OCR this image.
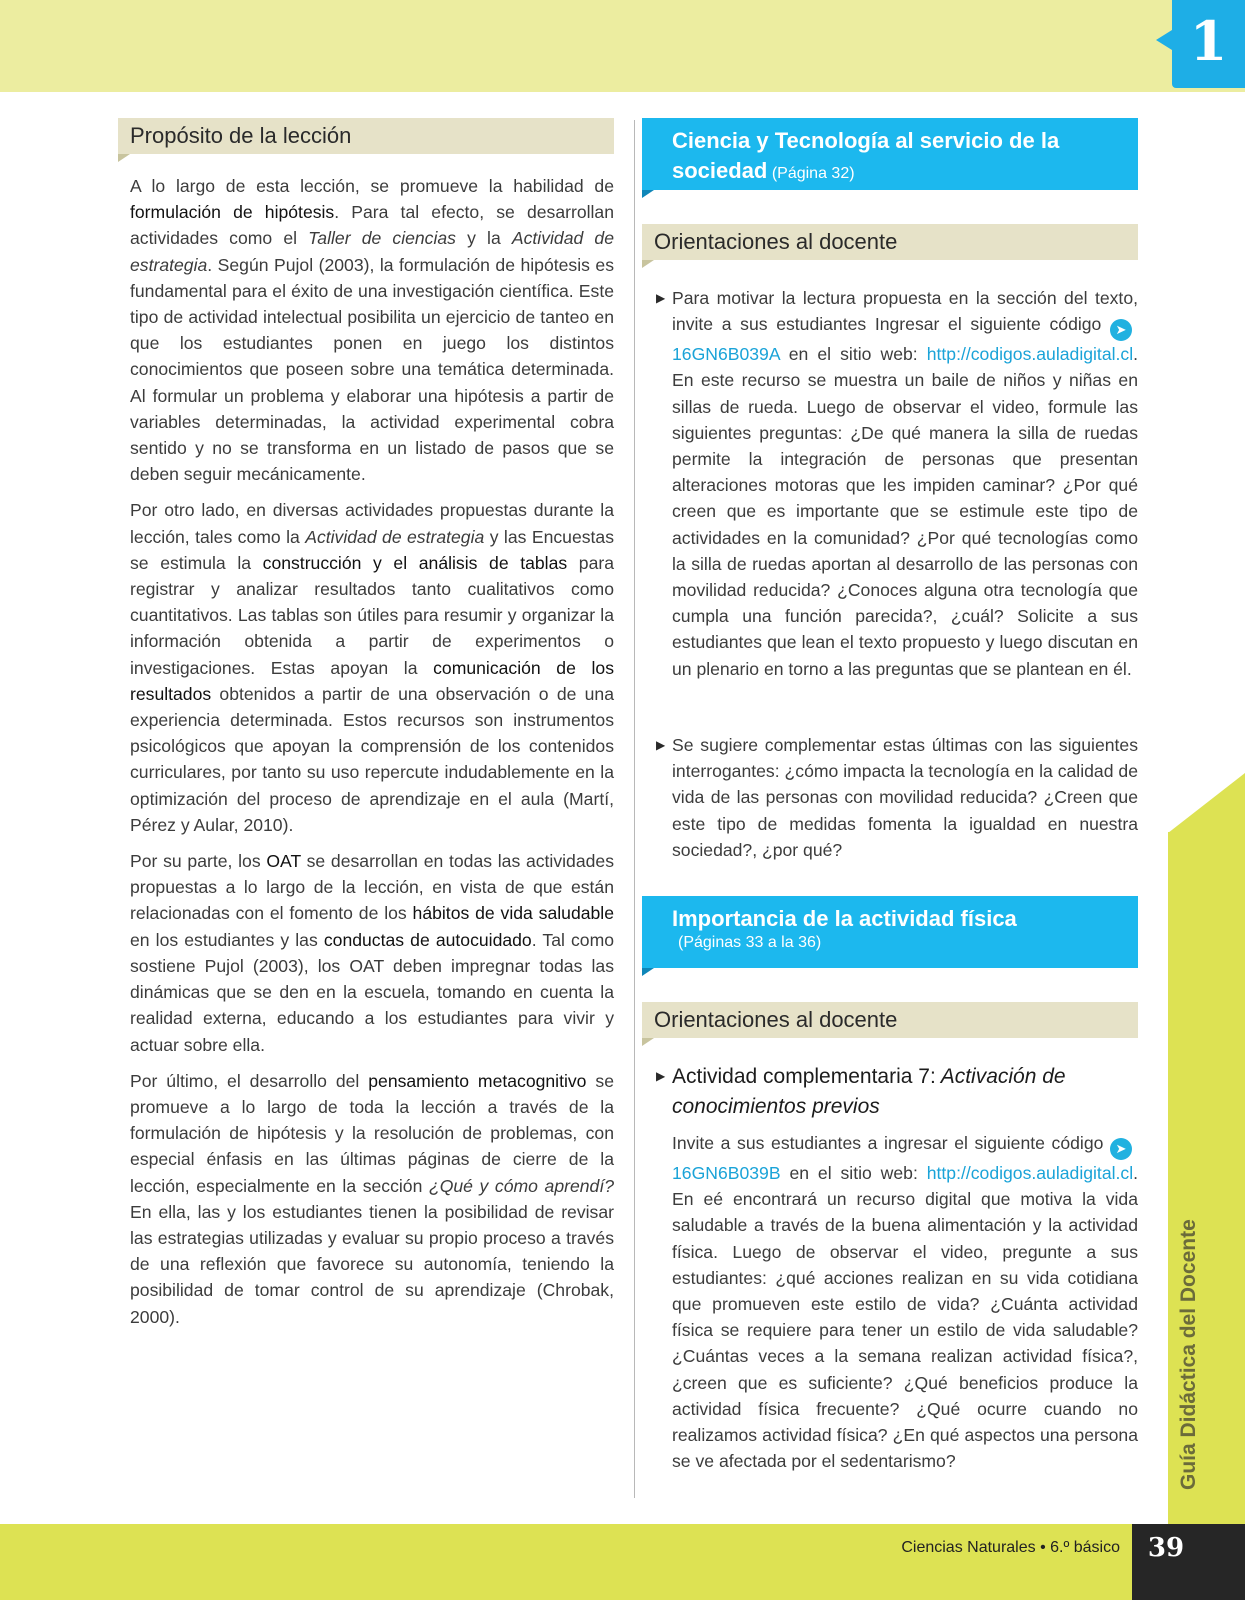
1
Guía Didáctica del Docente
Ciencias Naturales • 6.º básico	39
Propósito de la lección

A lo largo de esta lección, se promueve la habilidad de formulación de hipótesis. Para tal efecto, se desarrollan actividades como el Taller de ciencias y la Actividad de estrategia. Según Pujol (2003), la formulación de hipótesis es fundamental para el éxito de una investigación científica. Este tipo de actividad intelectual posibilita un ejercicio de tanteo en que los estudiantes ponen en juego los distintos conocimientos que poseen sobre una temática determinada. Al formular un problema y elaborar una hipótesis a partir de variables determinadas, la actividad experimental cobra sentido y no se transforma en un listado de pasos que se deben seguir mecánicamente.

Por otro lado, en diversas actividades propuestas durante la lección, tales como la Actividad de estrategia y las Encuestas se estimula la construcción y el análisis de tablas para registrar y analizar resultados tanto cualitativos como cuantitativos. Las tablas son útiles para resumir y organizar la información obtenida a partir de experimentos o investigaciones. Estas apoyan la comunicación de los resultados obtenidos a partir de una observación o de una experiencia determinada. Estos recursos son instrumentos psicológicos que apoyan la comprensión de los contenidos curriculares, por tanto su uso repercute indudablemente en la optimización del proceso de aprendizaje en el aula (Martí, Pérez y Aular, 2010).

Por su parte, los OAT se desarrollan en todas las actividades propuestas a lo largo de la lección, en vista de que están relacionadas con el fomento de los hábitos de vida saludable en los estudiantes y las conductas de autocuidado. Tal como sostiene Pujol (2003), los OAT deben impregnar todas las dinámicas que se den en la escuela, tomando en cuenta la realidad externa, educando a los estudiantes para vivir y actuar sobre ella.

Por último, el desarrollo del pensamiento metacognitivo se promueve a lo largo de toda la lección a través de la formulación de hipótesis y la resolución de problemas, con especial énfasis en las últimas páginas de cierre de la lección, especialmente en la sección ¿Qué y cómo aprendí? En ella, las y los estudiantes tienen la posibilidad de revisar las estrategias utilizadas y evaluar su propio proceso a través de una reflexión que favorece su autonomía, teniendo la posibilidad de tomar control de su aprendizaje (Chrobak, 2000).

Ciencia y Tecnología al servicio de la sociedad (Página 32)
Orientaciones al docente
▶ Para motivar la lectura propuesta en la sección del texto, invite a sus estudiantes Ingresar el siguiente código ➤16GN6B039A en el sitio web: http://codigos.auladigital.cl. En este recurso se muestra un baile de niños y niñas en sillas de rueda. Luego de observar el video, formule las siguientes preguntas: ¿De qué manera la silla de ruedas permite la integración de personas que presentan alteraciones motoras que les impiden caminar? ¿Por qué creen que es importante que se estimule este tipo de actividades en la comunidad? ¿Por qué tecnologías como la silla de ruedas aportan al desarrollo de las personas con movilidad reducida? ¿Conoces alguna otra tecnología que cumpla una función parecida?, ¿cuál? Solicite a sus estudiantes que lean el texto propuesto y luego discutan en un plenario en torno a las preguntas que se plantean en él.
▶ Se sugiere complementar estas últimas con las siguientes interrogantes: ¿cómo impacta la tecnología en la calidad de vida de las personas con movilidad reducida? ¿Creen que este tipo de medidas fomenta la igualdad en nuestra sociedad?, ¿por qué?
Importancia de la actividad física
(Páginas 33 a la 36)
Orientaciones al docente
▶ Actividad complementaria 7: Activación de conocimientos previos
Invite a sus estudiantes a ingresar el siguiente código ➤16GN6B039B en el sitio web: http://codigos.auladigital.cl. En eé encontrará un recurso digital que motiva la vida saludable a través de la buena alimentación y la actividad física. Luego de observar el video, pregunte a sus estudiantes: ¿qué acciones realizan en su vida cotidiana que promueven este estilo de vida? ¿Cuánta actividad física se requiere para tener un estilo de vida saludable? ¿Cuántas veces a la semana realizan actividad física?, ¿creen que es suficiente? ¿Qué beneficios produce la actividad física frecuente? ¿Qué ocurre cuando no realizamos actividad física? ¿En qué aspectos una persona se ve afectada por el sedentarismo?
